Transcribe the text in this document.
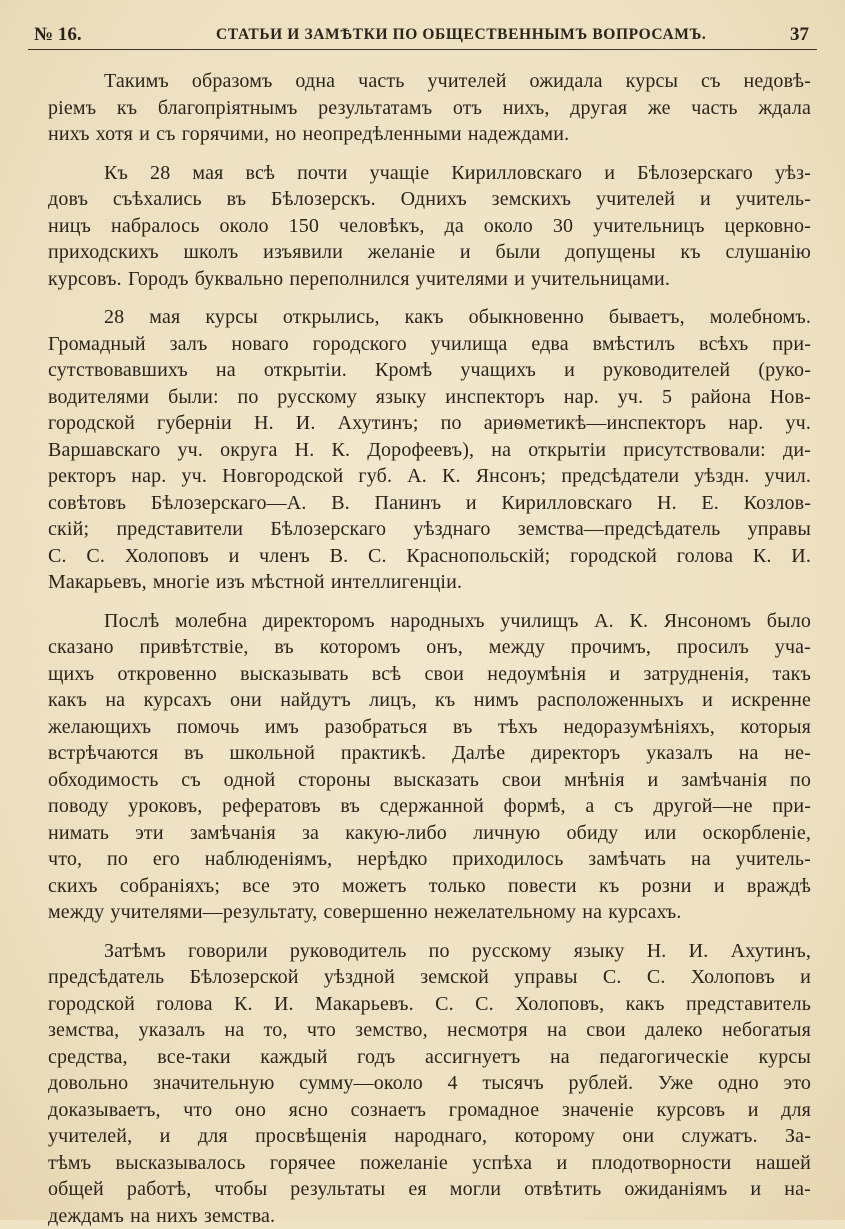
№ 16.	СТАТЬИ И ЗАМѢТКИ ПО ОБЩЕСТВЕННЫМЪ ВОПРОСАМЪ.	37
Такимъ образомъ одна часть учителей ожидала курсы съ недовѣ-
ріемъ къ благопріятнымъ результатамъ отъ нихъ, другая же часть ждала
нихъ хотя и съ горячими, но неопредѣленными надеждами.
Къ 28 мая всѣ почти учащіе Кирилловскаго и Бѣлозерскаго уѣз-
довъ съѣхались въ Бѣлозерскъ. Однихъ земскихъ учителей и учитель-
ницъ набралось около 150 человѣкъ, да около 30 учительницъ церковно-
приходскихъ школъ изъявили желаніе и были допущены къ слушанію
курсовъ. Городъ буквально переполнился учителями и учительницами.
28 мая курсы открылись, какъ обыкновенно бываетъ, молебномъ.
Громадный залъ новаго городского училища едва вмѣстилъ всѣхъ при-
сутствовавшихъ на открытіи. Кромѣ учащихъ и руководителей (руко-
водителями были: по русскому языку инспекторъ нар. уч. 5 района Нов-
городской губерніи Н. И. Ахутинъ; по ариѳметикѣ—инспекторъ нар. уч.
Варшавскаго уч. округа Н. К. Дорофеевъ), на открытіи присутствовали: ди-
ректоръ нар. уч. Новгородской губ. А. К. Янсонъ; предсѣдатели уѣздн. учил.
совѣтовъ Бѣлозерскаго—А. В. Панинъ и Кирилловскаго Н. Е. Козлов-
скій; представители Бѣлозерскаго уѣзднаго земства—предсѣдатель управы
С. С. Холоповъ и членъ В. С. Краснопольскій; городской голова К. И.
Макарьевъ, многіе изъ мѣстной интеллигенціи.
Послѣ молебна директоромъ народныхъ училищъ А. К. Янсономъ было
сказано привѣтствіе, въ которомъ онъ, между прочимъ, просилъ уча-
щихъ откровенно высказывать всѣ свои недоумѣнія и затрудненія, такъ
какъ на курсахъ они найдутъ лицъ, къ нимъ расположенныхъ и искренне
желающихъ помочь имъ разобраться въ тѣхъ недоразумѣніяхъ, которыя
встрѣчаются въ школьной практикѣ. Далѣе директоръ указалъ на не-
обходимость съ одной стороны высказать свои мнѣнія и замѣчанія по
поводу уроковъ, рефератовъ въ сдержанной формѣ, а съ другой—не при-
нимать эти замѣчанія за какую-либо личную обиду или оскорбленіе,
что, по его наблюденіямъ, нерѣдко приходилось замѣчать на учитель-
скихъ собраніяхъ; все это можетъ только повести къ розни и враждѣ
между учителями—результату, совершенно нежелательному на курсахъ.
Затѣмъ говорили руководитель по русскому языку Н. И. Ахутинъ,
предсѣдатель Бѣлозерской уѣздной земской управы С. С. Холоповъ и
городской голова К. И. Макарьевъ. С. С. Холоповъ, какъ представитель
земства, указалъ на то, что земство, несмотря на свои далеко небогатыя
средства, все-таки каждый годъ ассигнуетъ на педагогическіе курсы
довольно значительную сумму—около 4 тысячъ рублей. Уже одно это
доказываетъ, что оно ясно сознаетъ громадное значеніе курсовъ и для
учителей, и для просвѣщенія народнаго, которому они служатъ. За-
тѣмъ высказывалось горячее пожеланіе успѣха и плодотворности нашей
общей работѣ, чтобы результаты ея могли отвѣтить ожиданіямъ и на-
деждамъ на нихъ земства.
